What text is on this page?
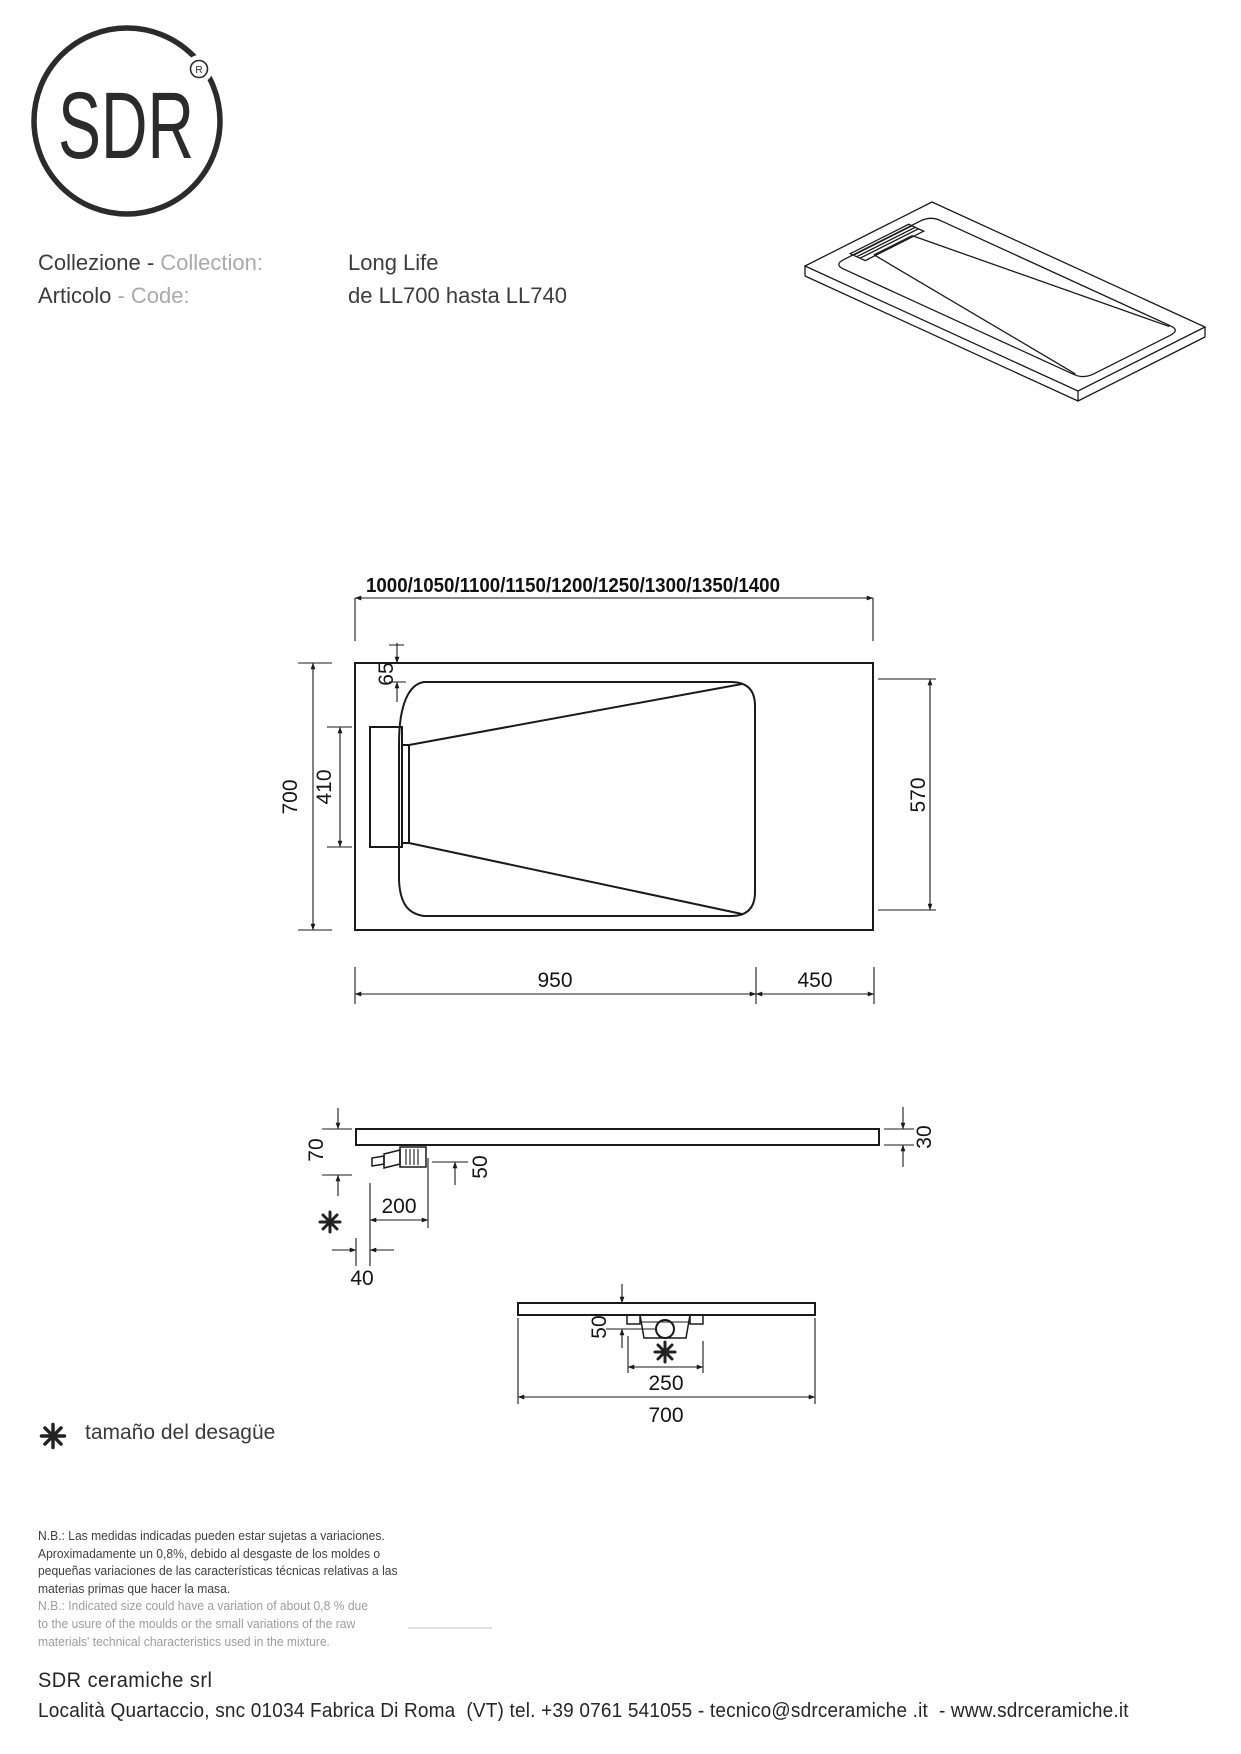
SDR
R
1000/1050/1100/1150/1200/1250/1300/1350/1400
700 410
65
570
950	450
70
30
50
200
40
50
250
700
Collezione - Collection:	Long Life
Articolo - Code:	de LL700 hasta LL740
tamaño del desagüe
N.B.: Las medidas indicadas pueden estar sujetas a variaciones.
Aproximadamente un 0,8%, debido al desgaste de los moldes o
pequeñas variaciones de las características técnicas relativas a las
materias primas que hacer la masa.
N.B.: Indicated size could have a variation of about 0,8 % due
to the usure of the moulds or the small variations of the raw
materials' technical characteristics used in the mixture.
SDR ceramiche srl
Località Quartaccio, snc 01034 Fabrica Di Roma  (VT) tel. +39 0761 541055 - tecnico@sdrceramiche .it  - www.sdrceramiche.it
